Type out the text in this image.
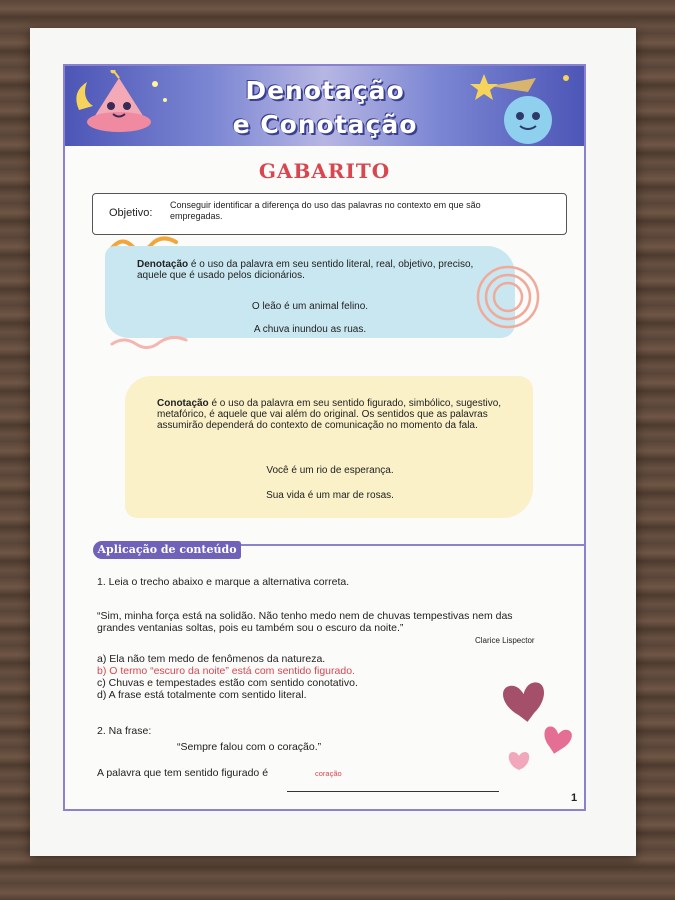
Denotação
e Conotação
GABARITO
Objetivo:
Conseguir identificar a diferença do uso das palavras no contexto em que são empregadas.
Denotação é o uso da palavra em seu sentido literal, real, objetivo, preciso, aquele que é usado pelos dicionários.
O leão é um animal felino.
A chuva inundou as ruas.
Conotação é o uso da palavra em seu sentido figurado, simbólico, sugestivo, metafórico, é aquele que vai além do original. Os sentidos que as palavras assumirão dependerá do contexto de comunicação no momento da fala.
Você é um rio de esperança.
Sua vida é um mar de rosas.
Aplicação de conteúdo
1. Leia o trecho abaixo e marque a alternativa correta.
“Sim, minha força está na solidão. Não tenho medo nem de chuvas tempestivas nem das grandes ventanias soltas, pois eu também sou o escuro da noite.”
Clarice Lispector
a) Ela não tem medo de fenômenos da natureza.
b) O termo “escuro da noite” está com sentido figurado.
c) Chuvas e tempestades estão com sentido conotativo.
d) A frase está totalmente com sentido literal.
2. Na frase:
“Sempre falou com o coração.”
A palavra que tem sentido figurado é	coração
1
